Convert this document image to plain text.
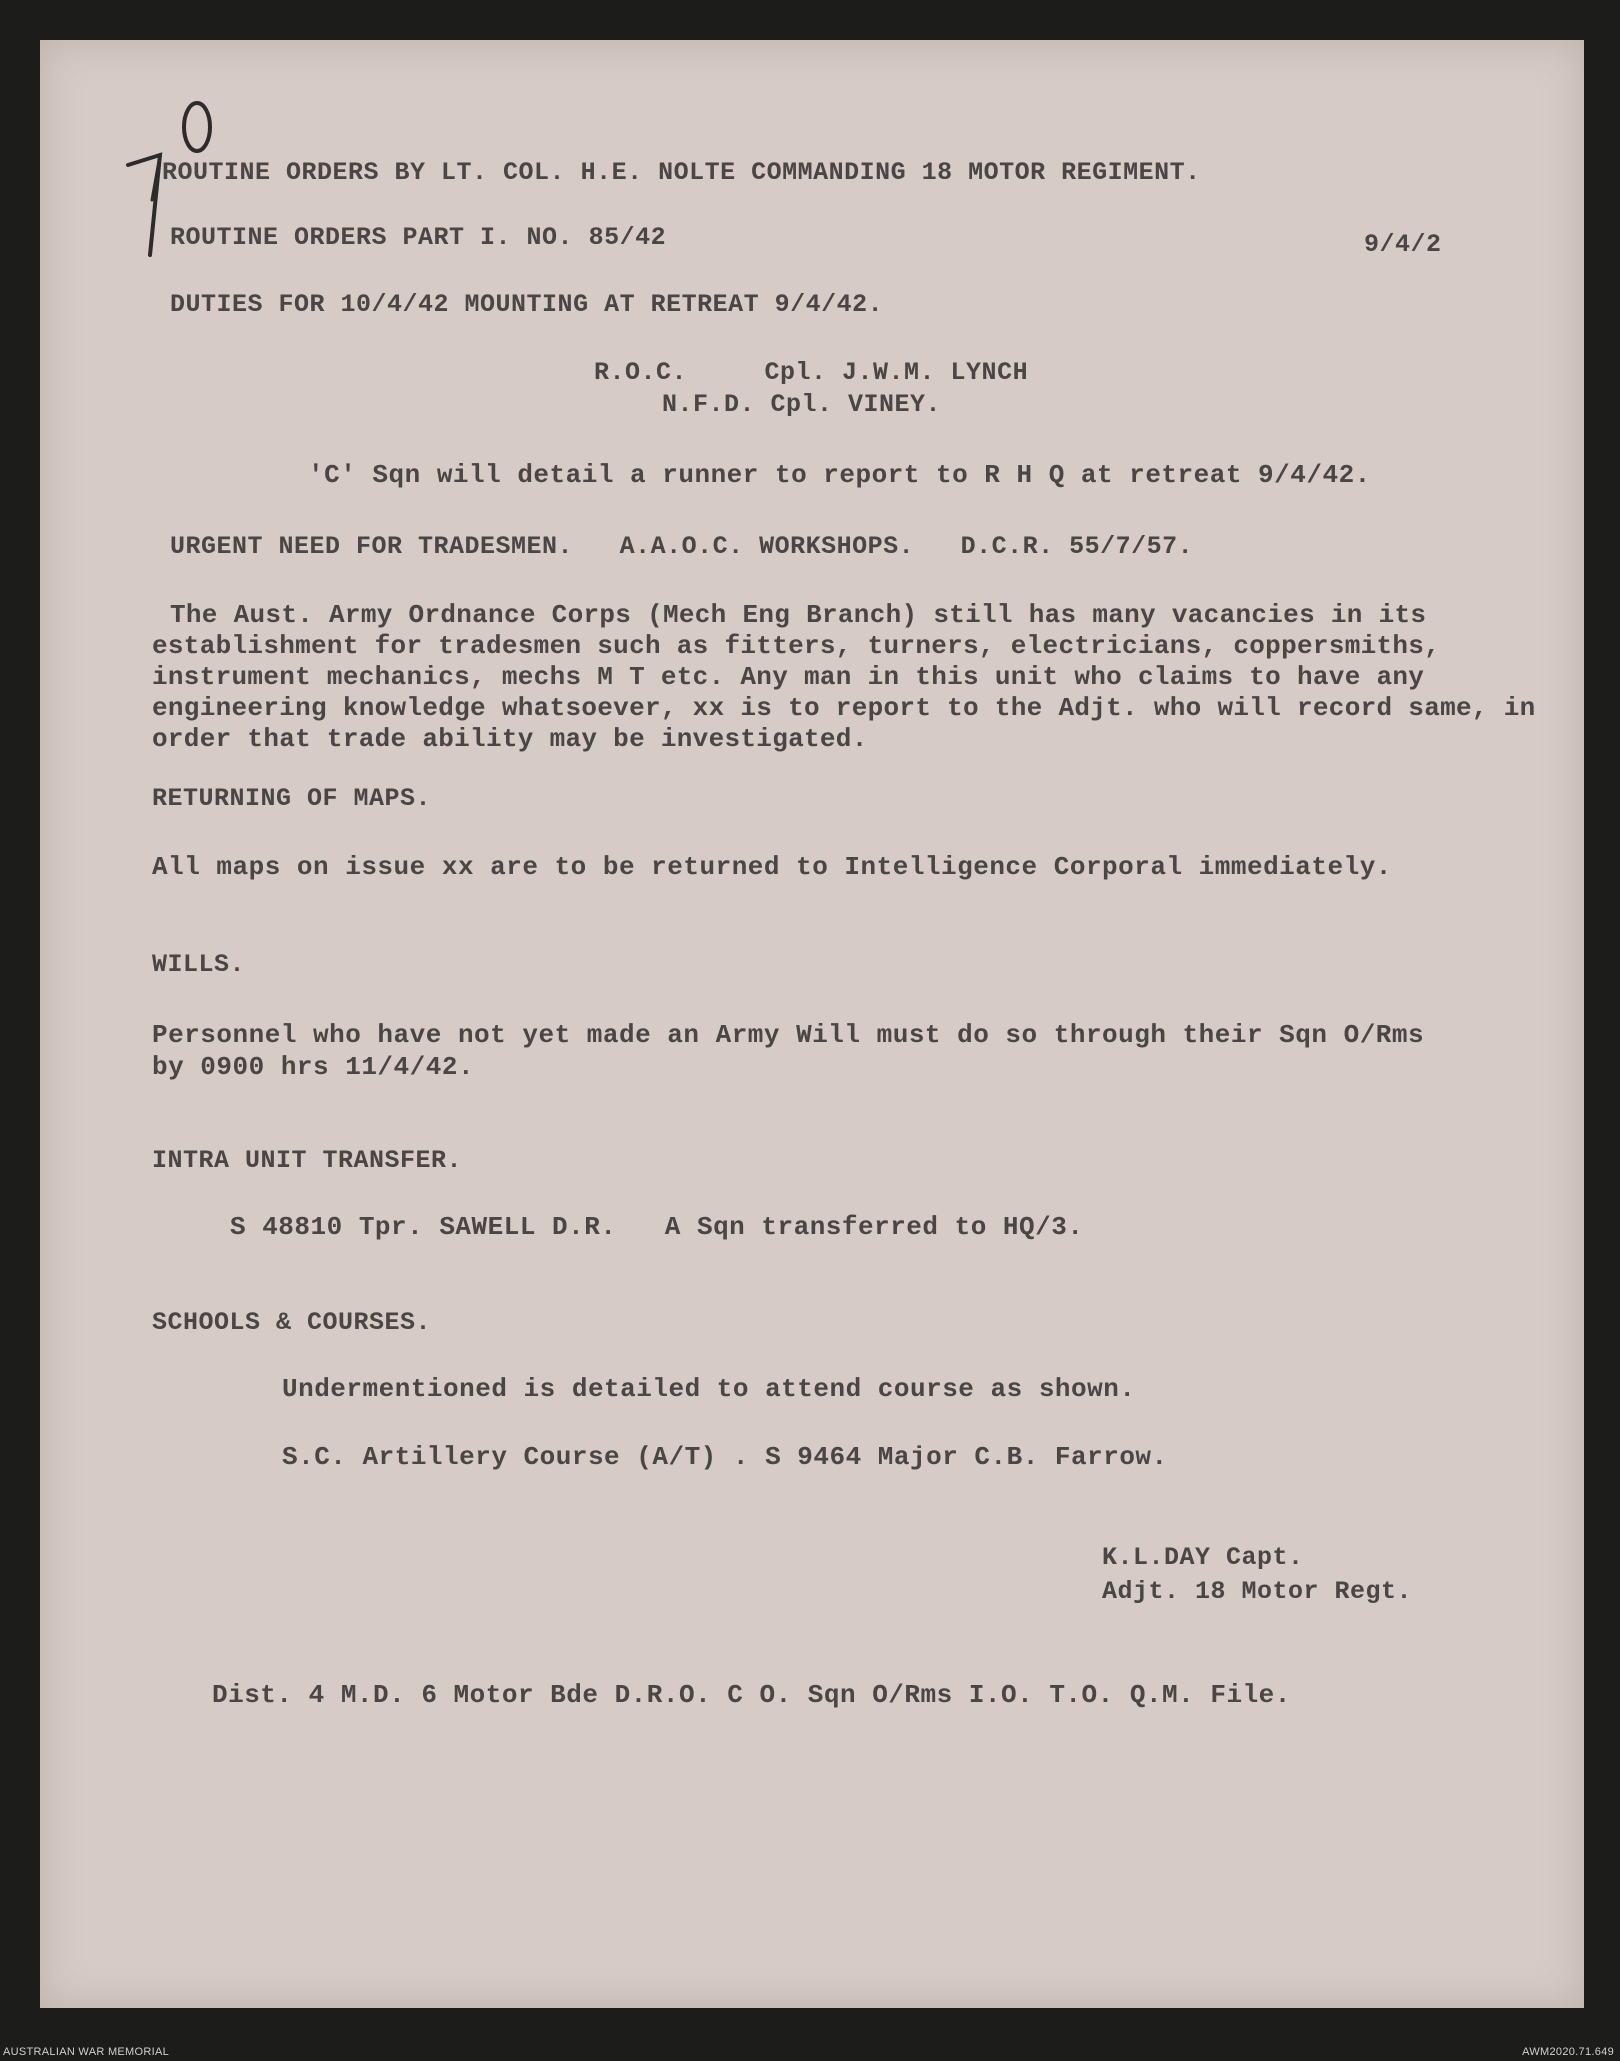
ROUTINE ORDERS BY LT. COL. H.E. NOLTE COMMANDING 18 MOTOR REGIMENT.
ROUTINE ORDERS PART I. NO. 85/42	9/4/2
DUTIES FOR 10/4/42 MOUNTING AT RETREAT 9/4/42.
R.O.C.     Cpl. J.W.M. LYNCH
N.F.D. Cpl. VINEY.
'C' Sqn will detail a runner to report to R H Q at retreat 9/4/42.
URGENT NEED FOR TRADESMEN.   A.A.O.C. WORKSHOPS.   D.C.R. 55/7/57.
The Aust. Army Ordnance Corps (Mech Eng Branch) still has many vacancies in its establishment for tradesmen such as fitters, turners, electricians, coppersmiths, instrument mechanics, mechs M T etc. Any man in this unit who claims to have any engineering knowledge whatsoever, xx is to report to the Adjt. who will record same, in order that trade ability may be investigated.
RETURNING OF MAPS.
All maps on issue xx are to be returned to Intelligence Corporal immediately.
WILLS.
Personnel who have not yet made an Army Will must do so through their Sqn O/Rms
by 0900 hrs 11/4/42.
INTRA UNIT TRANSFER.
S 48810 Tpr. SAWELL D.R.   A Sqn transferred to HQ/3.
SCHOOLS & COURSES.
Undermentioned is detailed to attend course as shown.
S.C. Artillery Course (A/T) . S 9464 Major C.B. Farrow.
K.L.DAY Capt.
Adjt. 18 Motor Regt.
Dist. 4 M.D. 6 Motor Bde D.R.O. C O. Sqn O/Rms I.O. T.O. Q.M. File.
AUSTRALIAN WAR MEMORIAL	AWM2020.71.649
